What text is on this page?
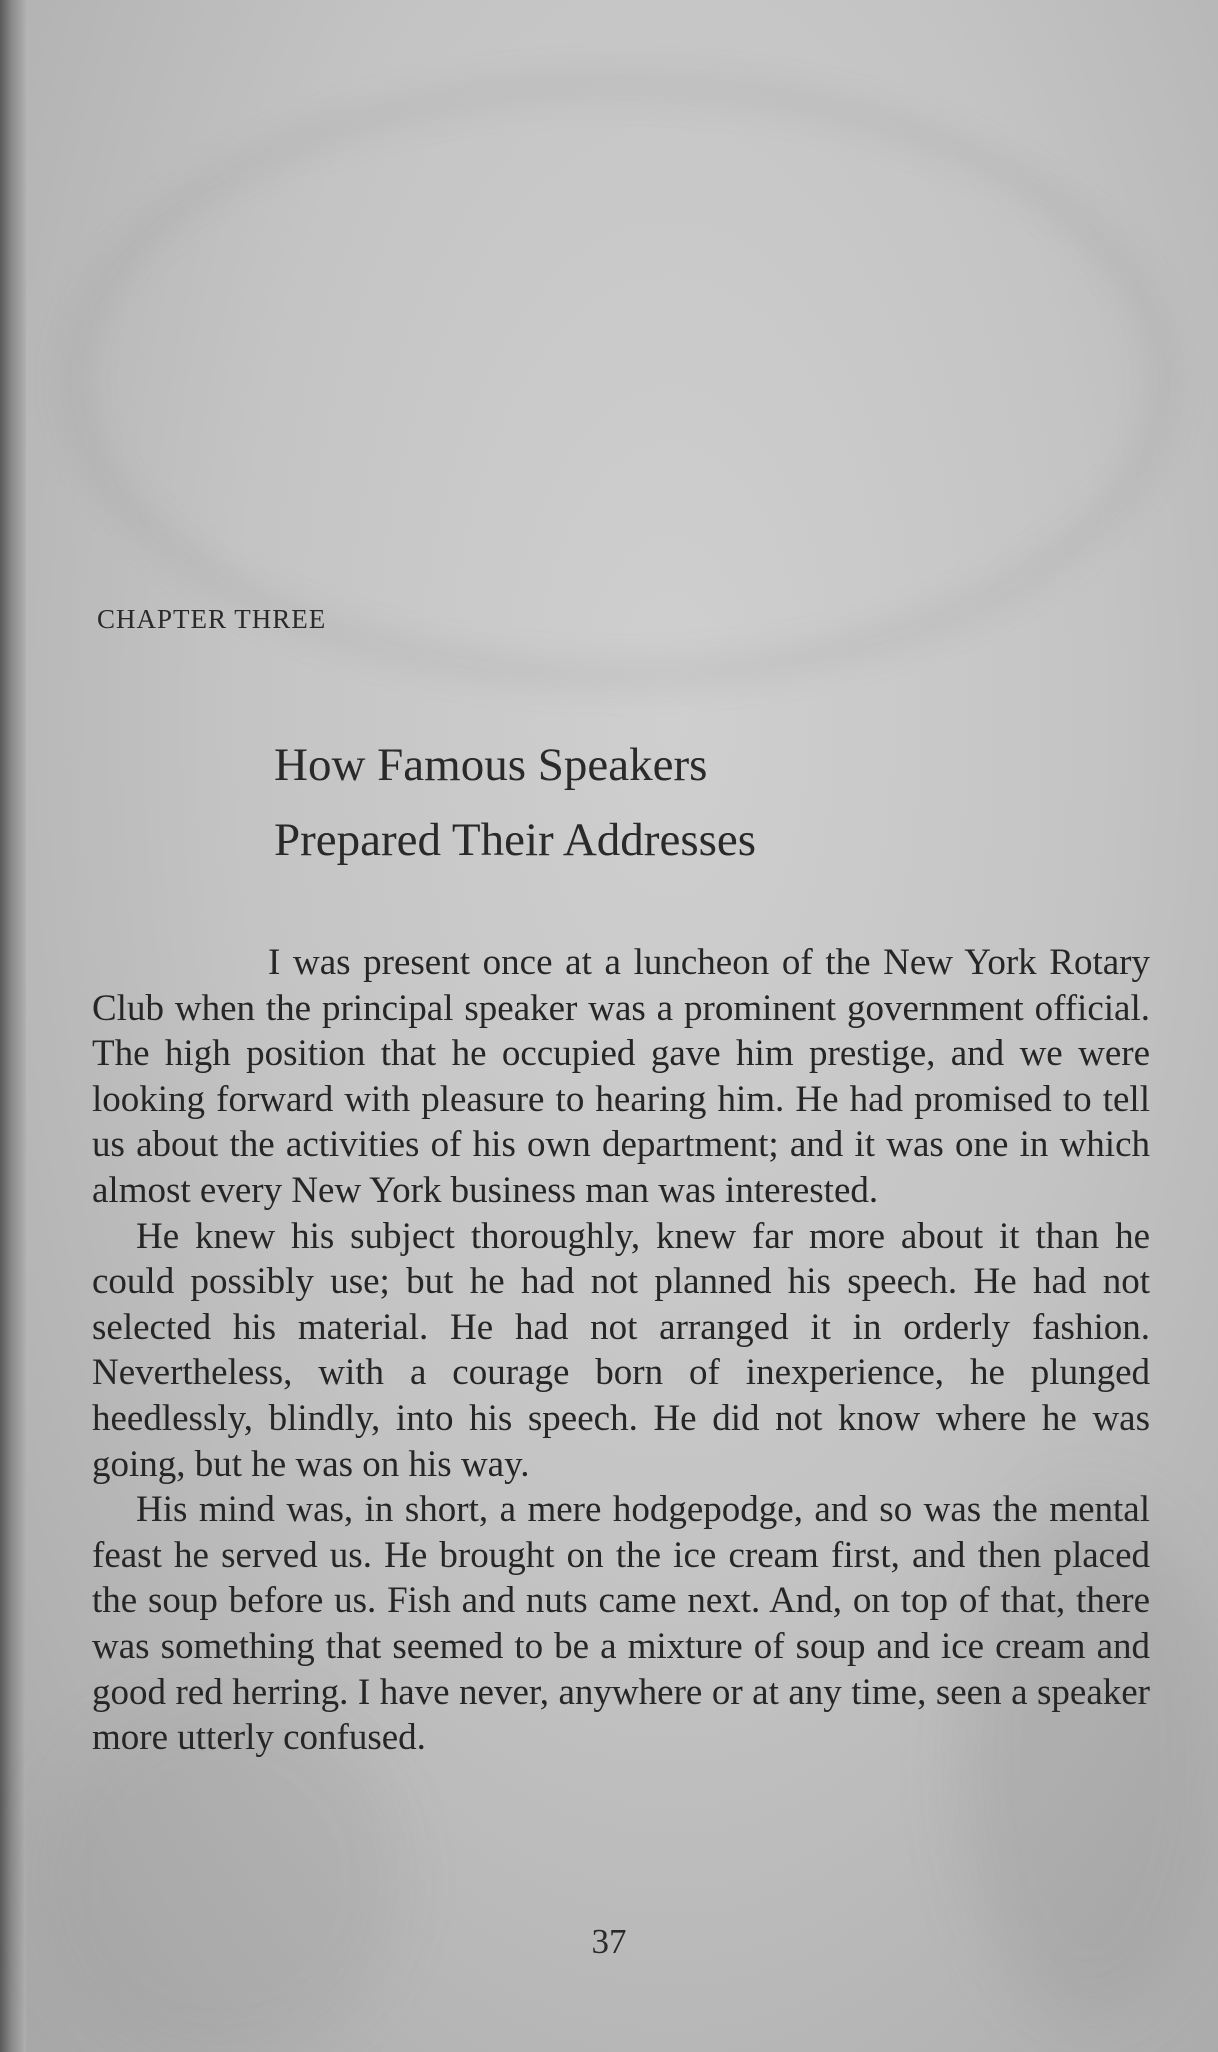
CHAPTER THREE
How Famous Speakers
Prepared Their Addresses

I was present once at a luncheon of the New York Rotary Club when the principal speaker was a prominent government official. The high position that he occupied gave him prestige, and we were looking forward with pleasure to hearing him. He had promised to tell us about the activities of his own department; and it was one in which almost every New York business man was interested.

He knew his subject thoroughly, knew far more about it than he could possibly use; but he had not planned his speech. He had not selected his material. He had not arranged it in orderly fashion. Nevertheless, with a courage born of inexperience, he plunged heedlessly, blindly, into his speech. He did not know where he was going, but he was on his way.

His mind was, in short, a mere hodgepodge, and so was the mental feast he served us. He brought on the ice cream first, and then placed the soup before us. Fish and nuts came next. And, on top of that, there was something that seemed to be a mixture of soup and ice cream and good red herring. I have never, anywhere or at any time, seen a speaker more utterly confused.

37
